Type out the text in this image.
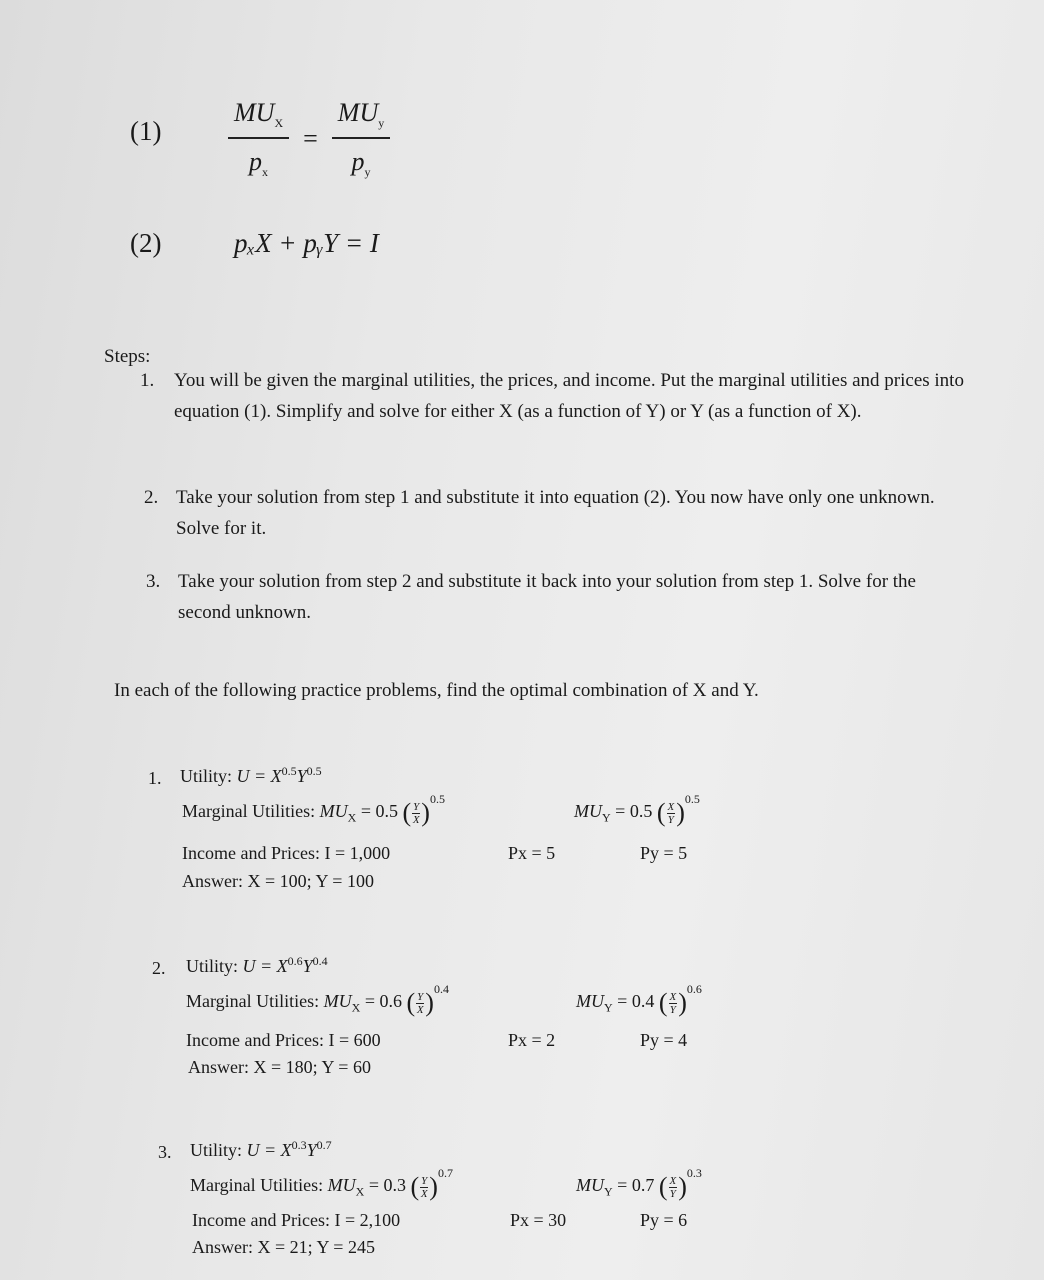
(1)	$\frac{MU_X}{p_x} = \frac{MU_y}{p_y}$
(2)	pₓX + pᵧY = I
Steps:
1. You will be given the marginal utilities, the prices, and income. Put the marginal utilities and prices into equation (1). Simplify and solve for either X (as a function of Y) or Y (as a function of X).
2. Take your solution from step 1 and substitute it into equation (2). You now have only one unknown. Solve for it.
3. Take your solution from step 2 and substitute it back into your solution from step 1. Solve for the second unknown.
In each of the following practice problems, find the optimal combination of X and Y.
1. Utility: $U = X^{0.5}Y^{0.5}$
Marginal Utilities: $MU_X = 0.5$ ( Y
X )$^{0.5}$
$MU_Y = 0.5$ ( X
Y )$^{0.5}$
Income and Prices: I = 1,000	Px = 5	Py = 5
Answer: X = 100; Y = 100
2. Utility: $U = X^{0.6}Y^{0.4}$
Marginal Utilities: $MU_X = 0.6$ ( Y
X )$^{0.4}$
$MU_Y = 0.4$ ( X
Y )$^{0.6}$
Income and Prices: I = 600	Px = 2	Py = 4
Answer: X = 180; Y = 60
3. Utility: $U = X^{0.3}Y^{0.7}$
Marginal Utilities: $MU_X = 0.3$ ( Y
X )$^{0.7}$
$MU_Y = 0.7$ ( X
Y )$^{0.3}$
Income and Prices: I = 2,100	Px = 30	Py = 6
Answer: X = 21; Y = 245
